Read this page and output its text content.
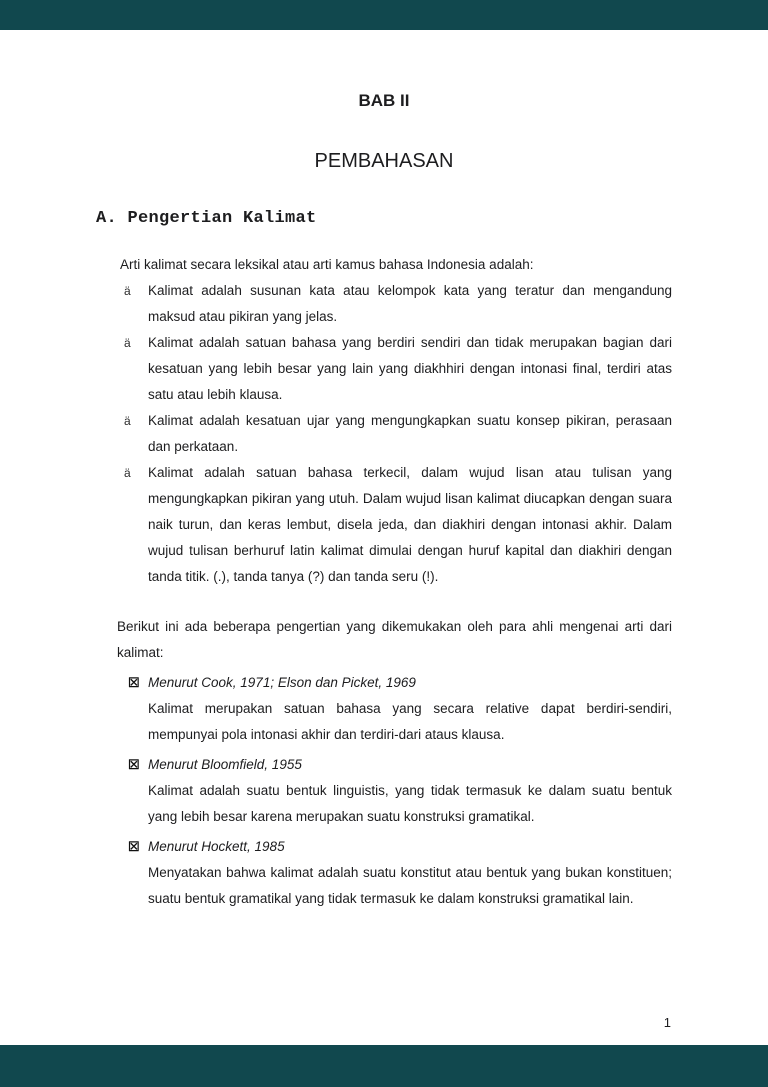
BAB II
PEMBAHASAN
A. Pengertian Kalimat
Arti kalimat secara leksikal atau arti kamus bahasa Indonesia adalah:
ä	Kalimat adalah susunan kata atau kelompok kata yang teratur dan mengandung maksud atau pikiran yang jelas.
ä	Kalimat adalah satuan bahasa yang berdiri sendiri dan tidak merupakan bagian dari kesatuan yang lebih besar yang lain yang diakhhiri dengan intonasi final, terdiri atas satu atau lebih klausa.
ä	Kalimat adalah kesatuan ujar yang mengungkapkan suatu konsep pikiran, perasaan dan perkataan.
ä	Kalimat adalah satuan bahasa terkecil, dalam wujud lisan atau tulisan yang mengungkapkan pikiran yang utuh. Dalam wujud lisan kalimat diucapkan dengan suara naik turun, dan keras lembut, disela jeda, dan diakhiri dengan intonasi akhir. Dalam wujud tulisan berhuruf latin kalimat dimulai dengan huruf kapital dan diakhiri dengan tanda titik. (.), tanda tanya (?) dan tanda seru (!).
Berikut ini ada beberapa pengertian yang dikemukakan oleh para ahli mengenai arti dari kalimat:
☒ Menurut Cook, 1971; Elson dan Picket, 1969
Kalimat merupakan satuan bahasa yang secara relative dapat berdiri-sendiri, mempunyai pola intonasi akhir dan terdiri-dari ataus klausa.
☒ Menurut Bloomfield, 1955
Kalimat adalah suatu bentuk linguistis, yang tidak termasuk ke dalam suatu bentuk yang lebih besar karena merupakan suatu konstruksi gramatikal.
☒ Menurut Hockett, 1985
Menyatakan bahwa kalimat adalah suatu konstitut atau bentuk yang bukan konstituen; suatu bentuk gramatikal yang tidak termasuk ke dalam konstruksi gramatikal lain.
1
